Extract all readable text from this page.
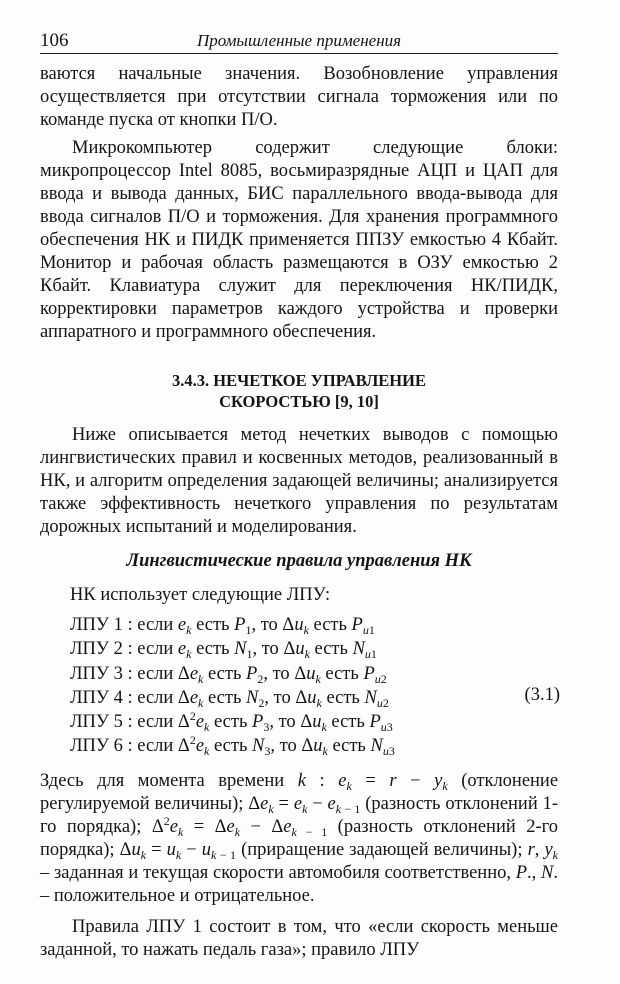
106	Промышленные применения
ваются начальные значения. Возобновление управления осуществляется при отсутствии сигнала торможения или по команде пуска от кнопки П/О.
Микрокомпьютер содержит следующие блоки: микропроцессор Intel 8085, восьмиразрядные АЦП и ЦАП для ввода и вывода данных, БИС параллельного ввода-вывода для ввода сигналов П/О и торможения. Для хранения программного обеспечения НК и ПИДК применяется ППЗУ емкостью 4 Кбайт. Монитор и рабочая область размещаются в ОЗУ емкостью 2 Кбайт. Клавиатура служит для переключения НК/ПИДК, корректировки параметров каждого устройства и проверки аппаратного и программного обеспечения.
3.4.3. НЕЧЕТКОЕ УПРАВЛЕНИЕ
СКОРОСТЬЮ [9, 10]
Ниже описывается метод нечетких выводов с помощью лингвистических правил и косвенных методов, реализованный в НК, и алгоритм определения задающей величины; анализируется также эффективность нечеткого управления по результатам дорожных испытаний и моделирования.
Лингвистические правила управления НК
НК использует следующие ЛПУ:
ЛПУ 1 : если $e_k$ есть $P_1$, то $\Delta u_k$ есть $P_{u1}$
ЛПУ 2 : если $e_k$ есть $N_1$, то $\Delta u_k$ есть $N_{u1}$
ЛПУ 3 : если $\Delta e_k$ есть $P_2$, то $\Delta u_k$ есть $P_{u2}$
ЛПУ 4 : если $\Delta e_k$ есть $N_2$, то $\Delta u_k$ есть $N_{u2}$
ЛПУ 5 : если $\Delta^2e_k$ есть $P_3$, то $\Delta u_k$ есть $P_{u3}$
ЛПУ 6 : если $\Delta^2e_k$ есть $N_3$, то $\Delta u_k$ есть $N_{u3}$
(3.1)
Здесь для момента времени k : $e_k = r - y_k$ (отклонение регулируемой величины); $\Delta e_k = e_k - e_{k - 1}$ (разность отклонений 1-го порядка); $\Delta^2e_k = \Delta e_k - \Delta e_{k - 1}$ (разность отклонений 2-го порядка); $\Delta u_k = u_k - u_{k - 1}$ (приращение задающей величины); r, $y_k$ – заданная и текущая скорости автомобиля соответственно, P., N. – положительное и отрицательное.
Правила ЛПУ 1 состоит в том, что «если скорость меньше заданной, то нажать педаль газа»; правило ЛПУ
